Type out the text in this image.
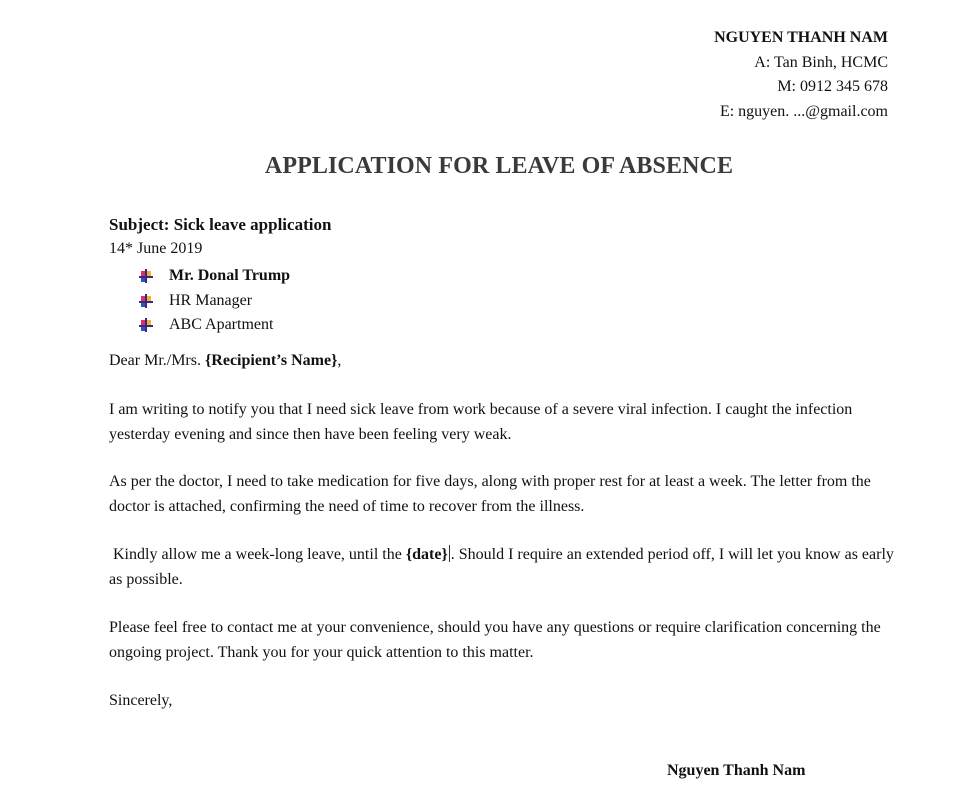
NGUYEN THANH NAM
A: Tan Binh, HCMC
M: 0912 345 678
E: nguyen. ...@gmail.com
APPLICATION FOR LEAVE OF ABSENCE
Subject: Sick leave application
14* June 2019
Mr. Donal Trump
HR Manager
ABC Apartment

Dear Mr./Mrs. {Recipient’s Name},

I am writing to notify you that I need sick leave from work because of a severe viral infection. I caught the infection yesterday evening and since then have been feeling very weak.

As per the doctor, I need to take medication for five days, along with proper rest for at least a week. The letter from the doctor is attached, confirming the need of time to recover from the illness.

Kindly allow me a week-long leave, until the {date} . Should I require an extended period off, I will let you know as early as possible.

Please feel free to contact me at your convenience, should you have any questions or require clarification concerning the ongoing project. Thank you for your quick attention to this matter.

Sincerely,

Nguyen Thanh Nam
